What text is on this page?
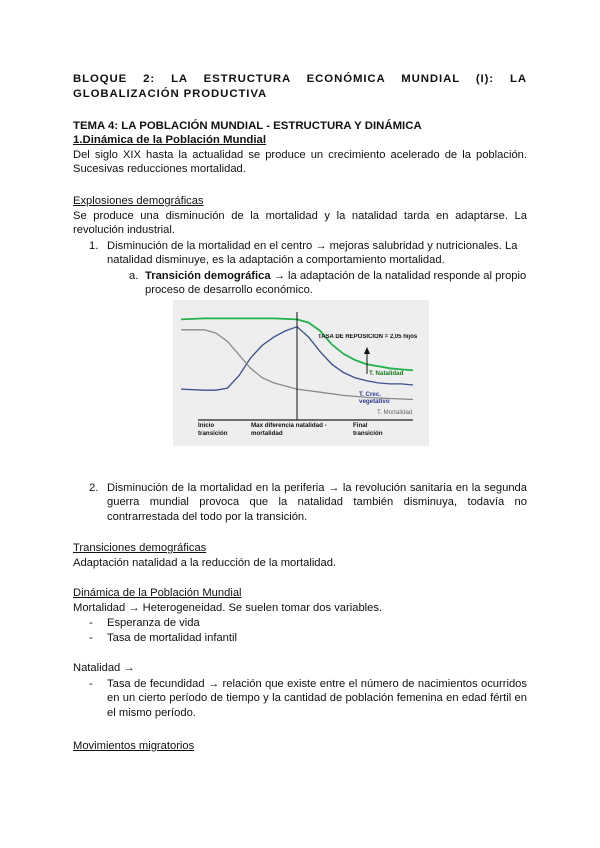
BLOQUE 2: LA ESTRUCTURA ECONÓMICA MUNDIAL (I): LA GLOBALIZACIÓN PRODUCTIVA
TEMA 4: LA POBLACIÓN MUNDIAL - ESTRUCTURA Y DINÁMICA
1.Dinámica de la Población Mundial
Del siglo XIX hasta la actualidad se produce un crecimiento acelerado de la población. Sucesivas reducciones mortalidad.
Explosiones demográficas
Se produce una disminución de la mortalidad y la natalidad tarda en adaptarse. La revolución industrial.
1. Disminución de la mortalidad en el centro → mejoras salubridad y nutricionales. La natalidad disminuye, es la adaptación a comportamiento mortalidad.
a. Transición demográfica → la adaptación de la natalidad responde al propio proceso de desarrollo económico.
TASA DE REPOSICIÓN = 2,05 hijos
T. Natalidad
T. Crec. vegetativo
T. Mortalidad
Inicio transición
Max diferencia natalidad - mortalidad
Final transición
2. Disminución de la mortalidad en la periferia → la revolución sanitaria en la segunda guerra mundial provoca que la natalidad también disminuya, todavía no contrarrestada del todo por la transición.
Transiciones demográficas
Adaptación natalidad a la reducción de la mortalidad.
Dinámica de la Población Mundial
Mortalidad → Heterogeneidad. Se suelen tomar dos variables.
- Esperanza de vida
- Tasa de mortalidad infantil
Natalidad →
- Tasa de fecundidad → relación que existe entre el número de nacimientos ocurridos en un cierto período de tiempo y la cantidad de población femenina en edad fértil en el mismo período.
Movimientos migratorios
